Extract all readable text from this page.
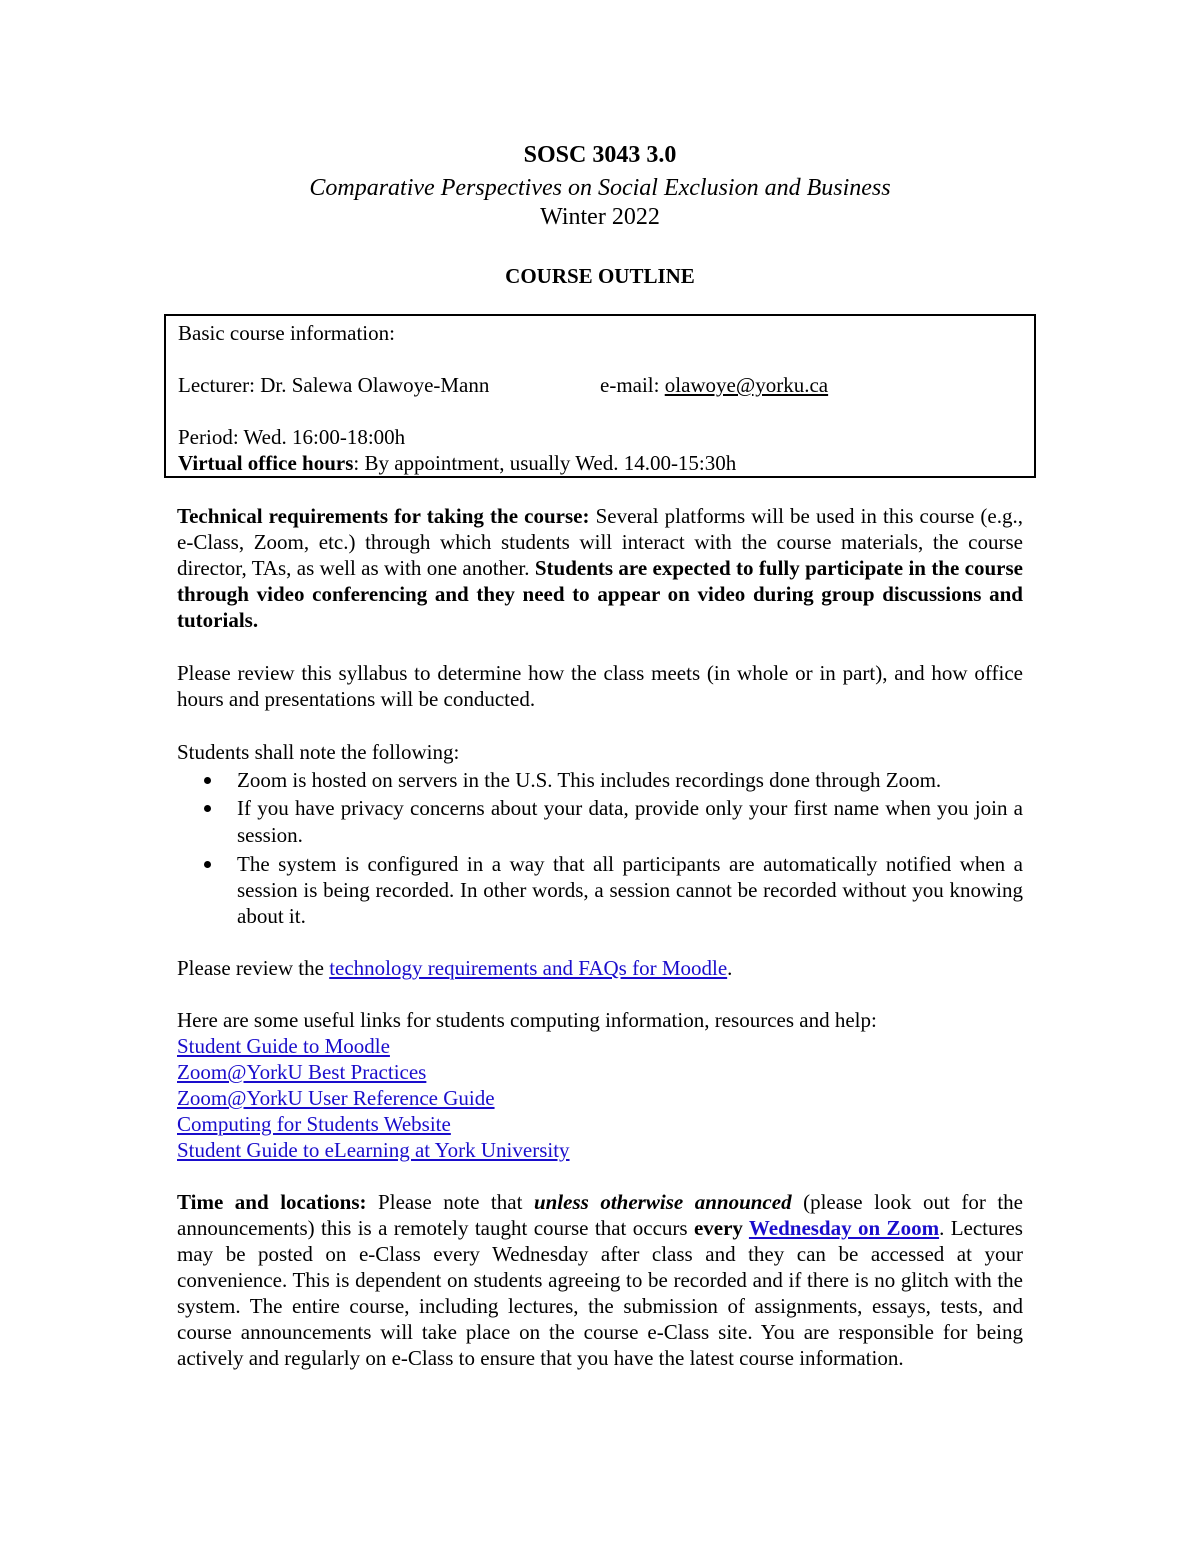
SOSC 3043 3.0
Comparative Perspectives on Social Exclusion and Business
Winter 2022
COURSE OUTLINE
Basic course information:
Lecturer: Dr. Salewa Olawoye-Mann	e-mail: olawoye@yorku.ca
Period: Wed. 16:00-18:00h
Virtual office hours: By appointment, usually Wed. 14.00-15:30h
Technical requirements for taking the course: Several platforms will be used in this course (e.g., e-Class, Zoom, etc.) through which students will interact with the course materials, the course director, TAs, as well as with one another. Students are expected to fully participate in the course through video conferencing and they need to appear on video during group discussions and tutorials.
Please review this syllabus to determine how the class meets (in whole or in part), and how office hours and presentations will be conducted.
Students shall note the following:
Zoom is hosted on servers in the U.S. This includes recordings done through Zoom.
If you have privacy concerns about your data, provide only your first name when you join a session.
The system is configured in a way that all participants are automatically notified when a session is being recorded. In other words, a session cannot be recorded without you knowing about it.
Please review the technology requirements and FAQs for Moodle.
Here are some useful links for students computing information, resources and help:
Student Guide to Moodle
Zoom@YorkU Best Practices
Zoom@YorkU User Reference Guide
Computing for Students Website
Student Guide to eLearning at York University
Time and locations: Please note that unless otherwise announced (please look out for the announcements) this is a remotely taught course that occurs every Wednesday on Zoom. Lectures may be posted on e-Class every Wednesday after class and they can be accessed at your convenience. This is dependent on students agreeing to be recorded and if there is no glitch with the system. The entire course, including lectures, the submission of assignments, essays, tests, and course announcements will take place on the course e-Class site. You are responsible for being actively and regularly on e-Class to ensure that you have the latest course information.
